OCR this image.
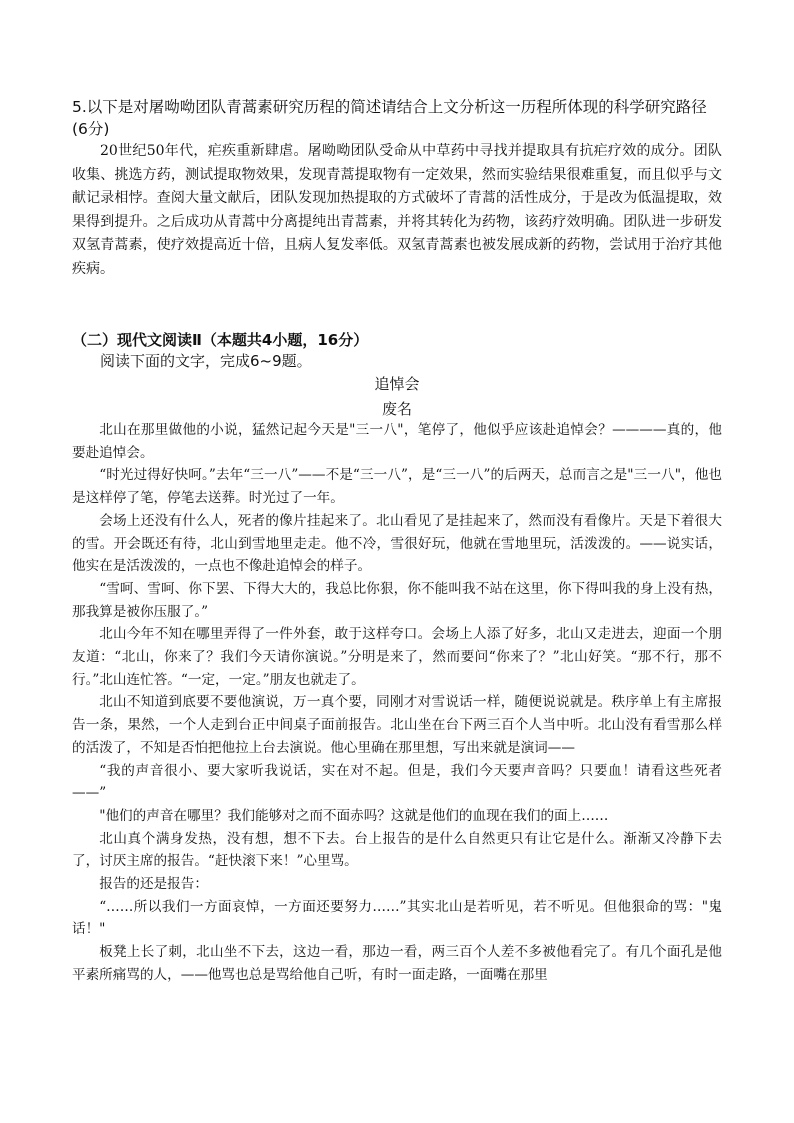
5.以下是对屠呦呦团队青蒿素研究历程的简述请结合上文分析这一历程所体现的科学研究路径(6分)

20世纪50年代，疟疾重新肆虐。屠呦呦团队受命从中草药中寻找并提取具有抗疟疗效的成分。团队收集、挑选方药，测试提取物效果，发现青蒿提取物有一定效果，然而实验结果很难重复，而且似乎与文献记录相悖。查阅大量文献后，团队发现加热提取的方式破坏了青蒿的活性成分，于是改为低温提取，效果得到提升。之后成功从青蒿中分离提纯出青蒿素，并将其转化为药物，该药疗效明确。团队进一步研发双氢青蒿素，使疗效提高近十倍，且病人复发率低。双氢青蒿素也被发展成新的药物，尝试用于治疗其他疾病。

（二）现代文阅读Ⅱ（本题共4小题，16分）
阅读下面的文字，完成6~9题。
追悼会
废名

北山在那里做他的小说，猛然记起今天是"三一八"，笔停了，他似乎应该赴追悼会？————真的，他要赴追悼会。

“时光过得好快呵。”去年“三一八”——不是“三一八”，是“三一八”的后两天，总而言之是"三一八"，他也是这样停了笔，停笔去送葬。时光过了一年。

会场上还没有什么人，死者的像片挂起来了。北山看见了是挂起来了，然而没有看像片。天是下着很大的雪。开会既还有待，北山到雪地里走走。他不冷，雪很好玩，他就在雪地里玩，活泼泼的。——说实话，他实在是活泼泼的，一点也不像赴追悼会的样子。

“雪呵、雪呵、你下罢、下得大大的，我总比你狠，你不能叫我不站在这里，你下得叫我的身上没有热，那我算是被你压服了。”

北山今年不知在哪里弄得了一件外套，敢于这样夸口。会场上人添了好多，北山又走进去，迎面一个朋友道：“北山，你来了？我们今天请你演说。”分明是来了，然而要问“你来了？”北山好笑。“那不行，那不行。”北山连忙答。“一定，一定。”朋友也就走了。

北山不知道到底要不要他演说，万一真个要，同刚才对雪说话一样，随便说说就是。秩序单上有主席报告一条，果然，一个人走到台正中间桌子面前报告。北山坐在台下两三百个人当中听。北山没有看雪那么样的活泼了，不知是否怕把他拉上台去演说。他心里确在那里想，写出来就是演词——

“我的声音很小、要大家听我说话，实在对不起。但是，我们今天要声音吗？只要血！请看这些死者——”

"他们的声音在哪里？我们能够对之而不面赤吗？这就是他们的血现在我们的面上……

北山真个满身发热，没有想，想不下去。台上报告的是什么自然更只有让它是什么。渐渐又冷静下去了，讨厌主席的报告。“赶快滚下来！”心里骂。

报告的还是报告：

“……所以我们一方面哀悼，一方面还要努力……”其实北山是若听见，若不听见。但他狠命的骂："鬼话！"

板凳上长了刺，北山坐不下去，这边一看，那边一看，两三百个人差不多被他看完了。有几个面孔是他平素所痛骂的人，——他骂也总是骂给他自己听，有时一面走路，一面嘴在那里
